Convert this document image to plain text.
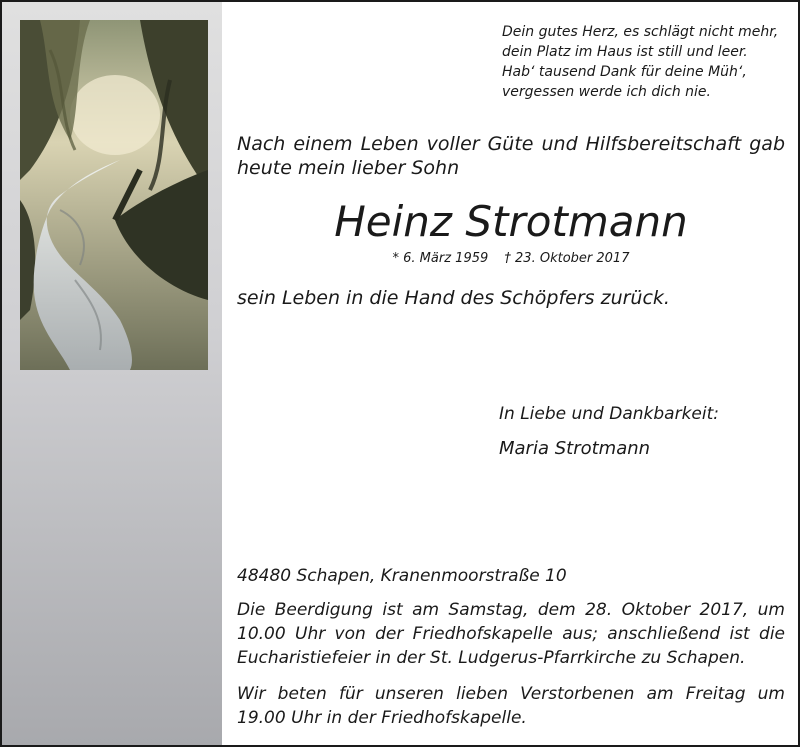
Dein gutes Herz, es schlägt nicht mehr,
dein Platz im Haus ist still und leer.
Hab‘ tausend Dank für deine Müh‘,
vergessen werde ich dich nie.
Nach einem Leben voller Güte und Hilfsbereitschaft gab heute mein lieber Sohn
Heinz Strotmann
* 6. März 1959 † 23. Oktober 2017
sein Leben in die Hand des Schöpfers zurück.
In Liebe und Dankbarkeit:
Maria Strotmann
48480 Schapen, Kranenmoorstraße 10
Die Beerdigung ist am Samstag, dem 28. Oktober 2017, um 10.00 Uhr von der Friedhofskapelle aus; anschließend ist die Eucharistiefeier in der St. Ludgerus-Pfarrkirche zu Schapen.
Wir beten für unseren lieben Verstorbenen am Freitag um 19.00 Uhr in der Friedhofskapelle.
